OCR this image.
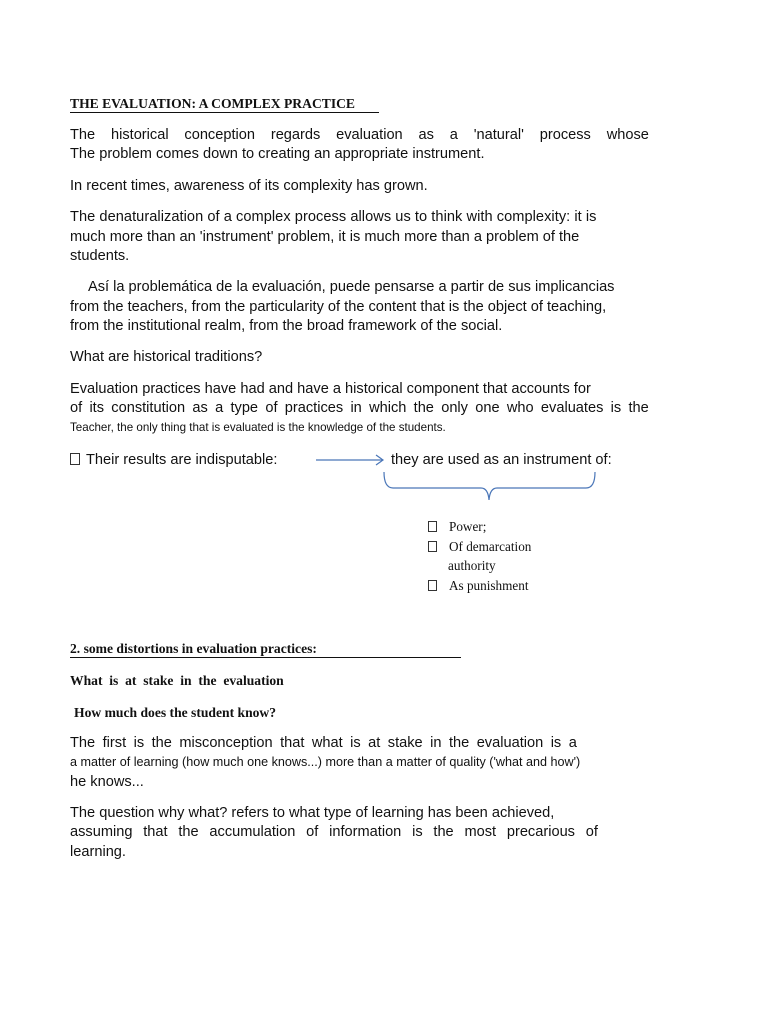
THE EVALUATION: A COMPLEX PRACTICE
The historical conception regards evaluation as a 'natural' process whose
The problem comes down to creating an appropriate instrument.
In recent times, awareness of its complexity has grown.
The denaturalization of a complex process allows us to think with complexity: it is
much more than an 'instrument' problem, it is much more than a problem of the
students.
Así la problemática de la evaluación, puede pensarse a partir de sus implicancias
from the teachers, from the particularity of the content that is the object of teaching,
from the institutional realm, from the broad framework of the social.
What are historical traditions?
Evaluation practices have had and have a historical component that accounts for
of its constitution as a type of practices in which the only one who evaluates is the
Teacher, the only thing that is evaluated is the knowledge of the students.
Their results are indisputable:	they are used as an instrument of:
Power;
Of demarcation
authority
As punishment
2. some distortions in evaluation practices:
What  is  at  stake  in  the  evaluation
How much does the student know?
The first is the misconception that what is at stake in the evaluation is a
a matter of learning (how much one knows...) more than a matter of quality ('what and how')
he knows...
The question why what? refers to what type of learning has been achieved,
assuming that the accumulation of information is the most precarious of
learning.
